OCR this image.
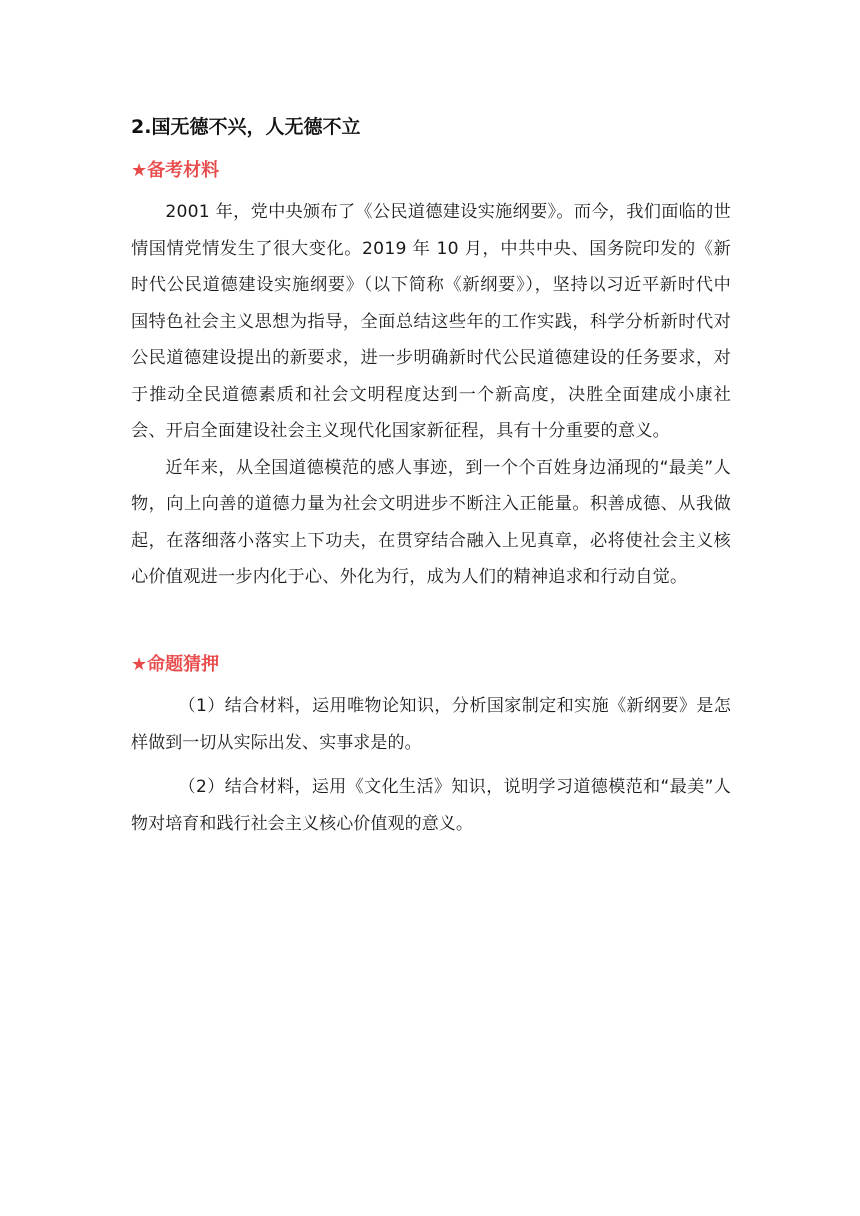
2.国无德不兴，人无德不立
★备考材料

2001 年，党中央颁布了《公民道德建设实施纲要》。而今，我们面临的世情国情党情发生了很大变化。2019 年 10 月，中共中央、国务院印发的《新时代公民道德建设实施纲要》（以下简称《新纲要》），坚持以习近平新时代中国特色社会主义思想为指导，全面总结这些年的工作实践，科学分析新时代对公民道德建设提出的新要求，进一步明确新时代公民道德建设的任务要求，对于推动全民道德素质和社会文明程度达到一个新高度，决胜全面建成小康社会、开启全面建设社会主义现代化国家新征程，具有十分重要的意义。

近年来，从全国道德模范的感人事迹，到一个个百姓身边涌现的“最美”人物，向上向善的道德力量为社会文明进步不断注入正能量。积善成德、从我做起，在落细落小落实上下功夫，在贯穿结合融入上见真章，必将使社会主义核心价值观进一步内化于心、外化为行，成为人们的精神追求和行动自觉。

★命题猜押

（1）结合材料，运用唯物论知识，分析国家制定和实施《新纲要》是怎样做到一切从实际出发、实事求是的。

（2）结合材料，运用《文化生活》知识，说明学习道德模范和“最美”人物对培育和践行社会主义核心价值观的意义。
